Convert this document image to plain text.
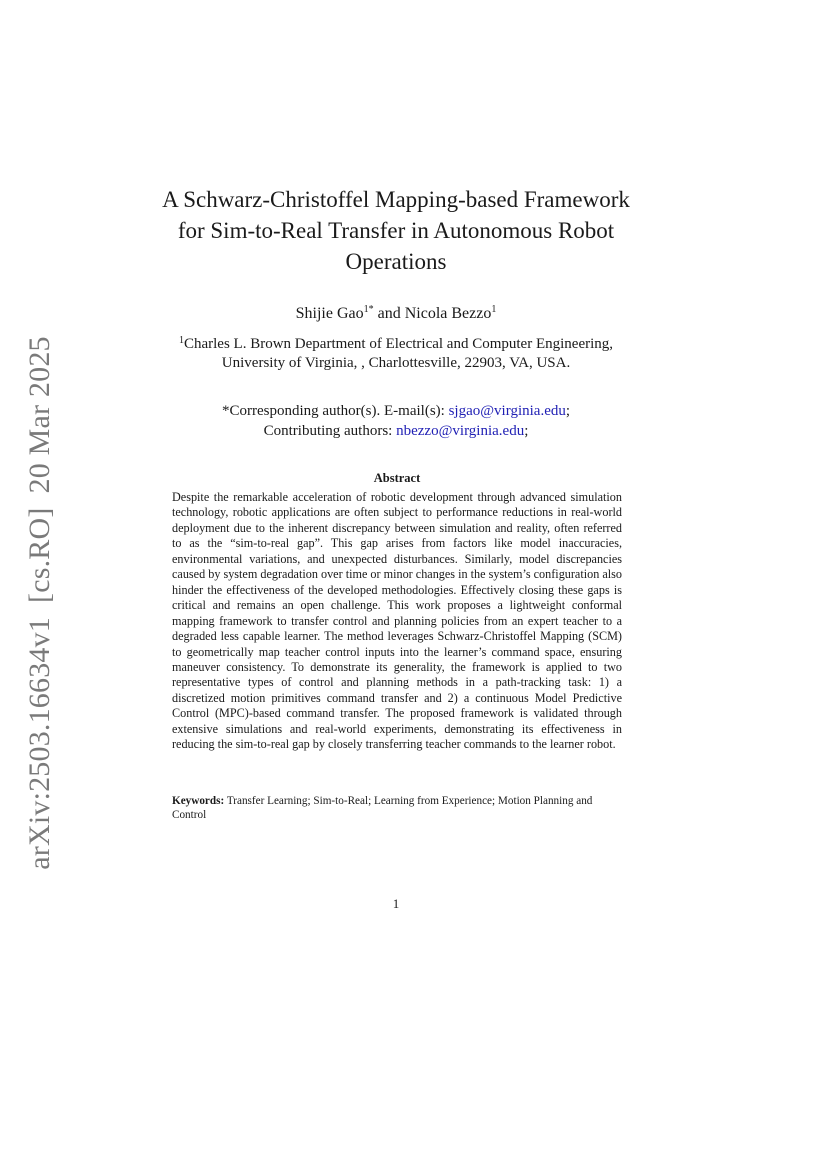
arXiv:2503.16634v1[cs.RO]20 Mar 2025
A Schwarz-Christoffel Mapping-based Framework
for Sim-to-Real Transfer in Autonomous Robot
Operations
Shijie Gao$^{1*}$ and Nicola Bezzo$^1$
$^1$Charles L. Brown Department of Electrical and Computer Engineering,
University of Virginia, , Charlottesville, 22903, VA, USA.
*Corresponding author(s). E-mail(s): sjgao@virginia.edu;
Contributing authors: nbezzo@virginia.edu;
Abstract
Despite the remarkable acceleration of robotic development through advanced simulation technology, robotic applications are often subject to performance reductions in real-world deployment due to the inherent discrepancy between simulation and reality, often referred to as the “sim-to-real gap”. This gap arises from factors like model inaccuracies, environmental variations, and unexpected disturbances. Similarly, model discrepancies caused by system degradation over time or minor changes in the system’s configuration also hinder the effectiveness of the developed methodologies. Effectively closing these gaps is critical and remains an open challenge. This work proposes a lightweight conformal mapping framework to transfer control and planning policies from an expert teacher to a degraded less capable learner. The method leverages Schwarz-Christoffel Mapping (SCM) to geometrically map teacher control inputs into the learner’s command space, ensuring maneuver consistency. To demonstrate its generality, the framework is applied to two representative types of control and planning methods in a path-tracking task: 1) a discretized motion primitives command transfer and 2) a continuous Model Predictive Control (MPC)-based command transfer. The proposed framework is validated through extensive simulations and real-world experiments, demonstrating its effectiveness in reducing the sim-to-real gap by closely transferring teacher commands to the learner robot.
Keywords: Transfer Learning; Sim-to-Real; Learning from Experience; Motion Planning and Control
1
